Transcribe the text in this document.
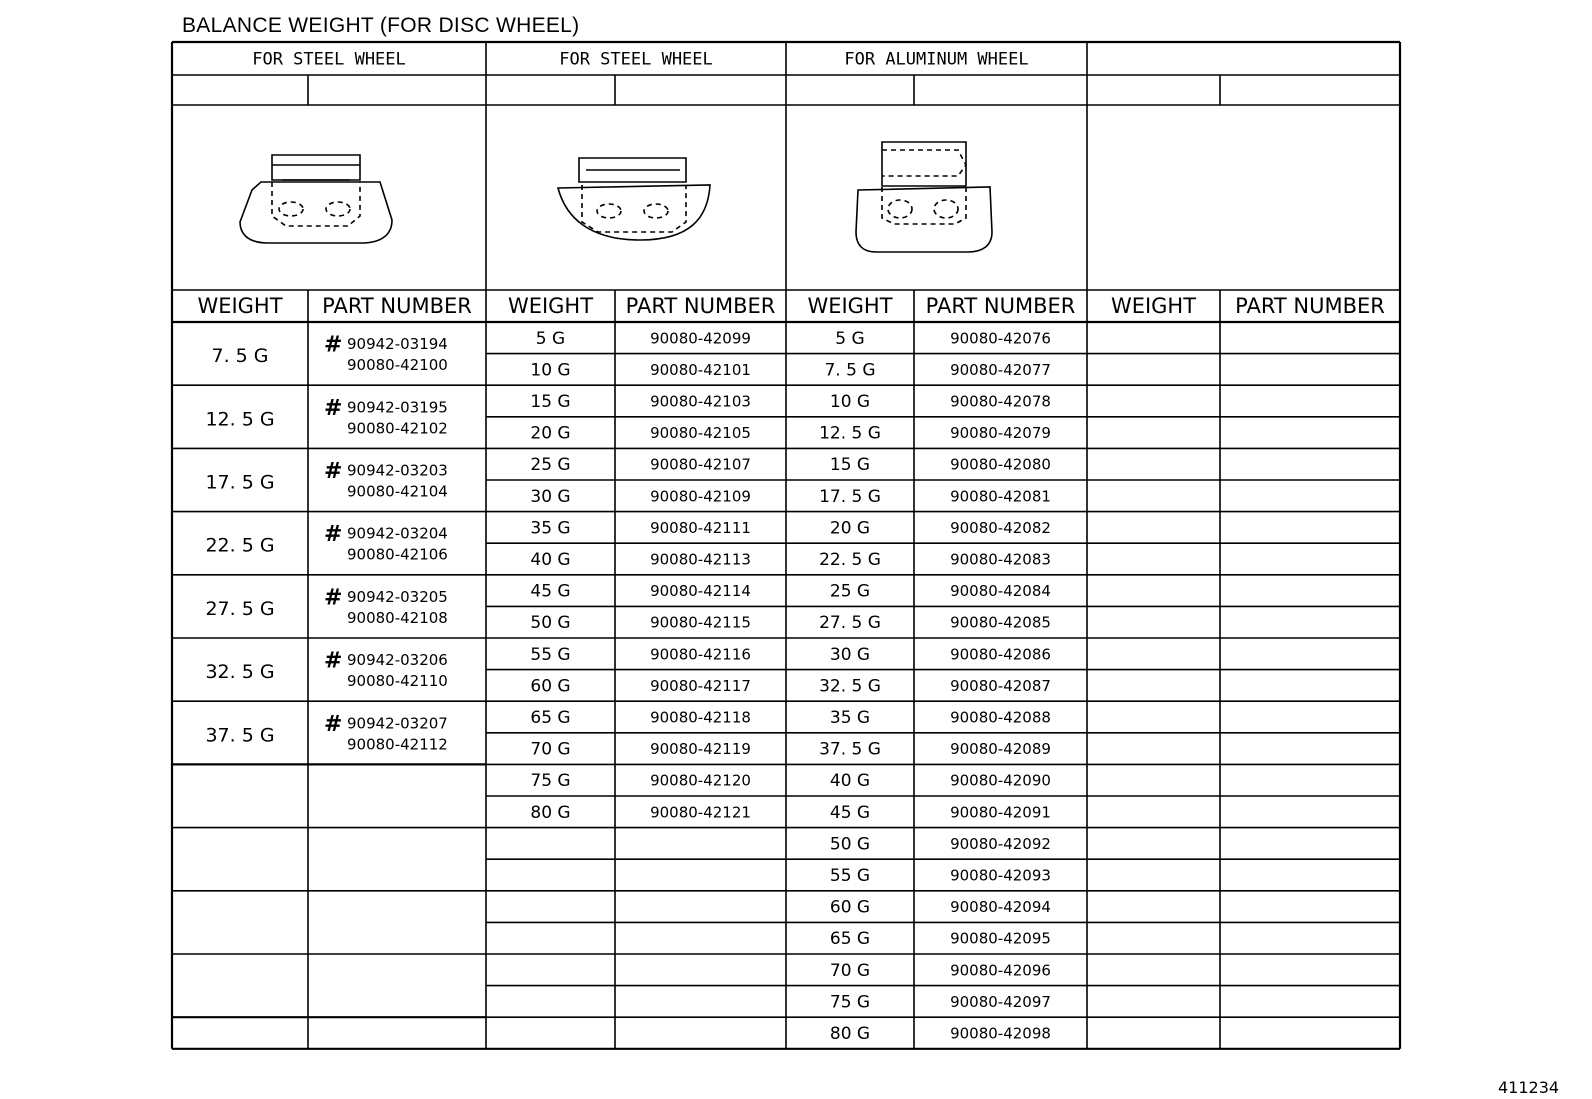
BALANCE WEIGHT (FOR DISC WHEEL)
FOR STEEL WHEEL
WEIGHT PART NUMBER
FOR STEEL WHEEL
WEIGHT PART NUMBER
FOR ALUMINUM WHEEL
WEIGHT PART NUMBER WEIGHT PART NUMBER
7. 5 G	# 90942-03194
90080-42100
12. 5 G # 90942-03195
90080-42102
17. 5 G # 90942-03203
90080-42104
22. 5 G # 90942-03204
90080-42106
27. 5 G # 90942-03205
90080-42108
32. 5 G # 90942-03206
90080-42110
37. 5 G # 90942-03207
90080-42112
5 G	90080-42099
10 G	90080-42101
15 G	90080-42103
20 G	90080-42105
25 G	90080-42107
30 G	90080-42109
35 G	90080-42111
40 G	90080-42113
45 G	90080-42114
50 G	90080-42115
55 G	90080-42116
60 G	90080-42117
65 G	90080-42118
70 G	90080-42119
75 G	90080-42120
80 G	90080-42121
5 G	90080-42076
7. 5 G	90080-42077
10 G	90080-42078
12. 5 G	90080-42079
15 G	90080-42080
17. 5 G	90080-42081
20 G	90080-42082
22. 5 G	90080-42083
25 G	90080-42084
27. 5 G	90080-42085
30 G	90080-42086
32. 5 G	90080-42087
35 G	90080-42088
37. 5 G	90080-42089
40 G	90080-42090
45 G	90080-42091
50 G	90080-42092
55 G	90080-42093
60 G	90080-42094
65 G	90080-42095
70 G	90080-42096
75 G	90080-42097
80 G	90080-42098
411234
